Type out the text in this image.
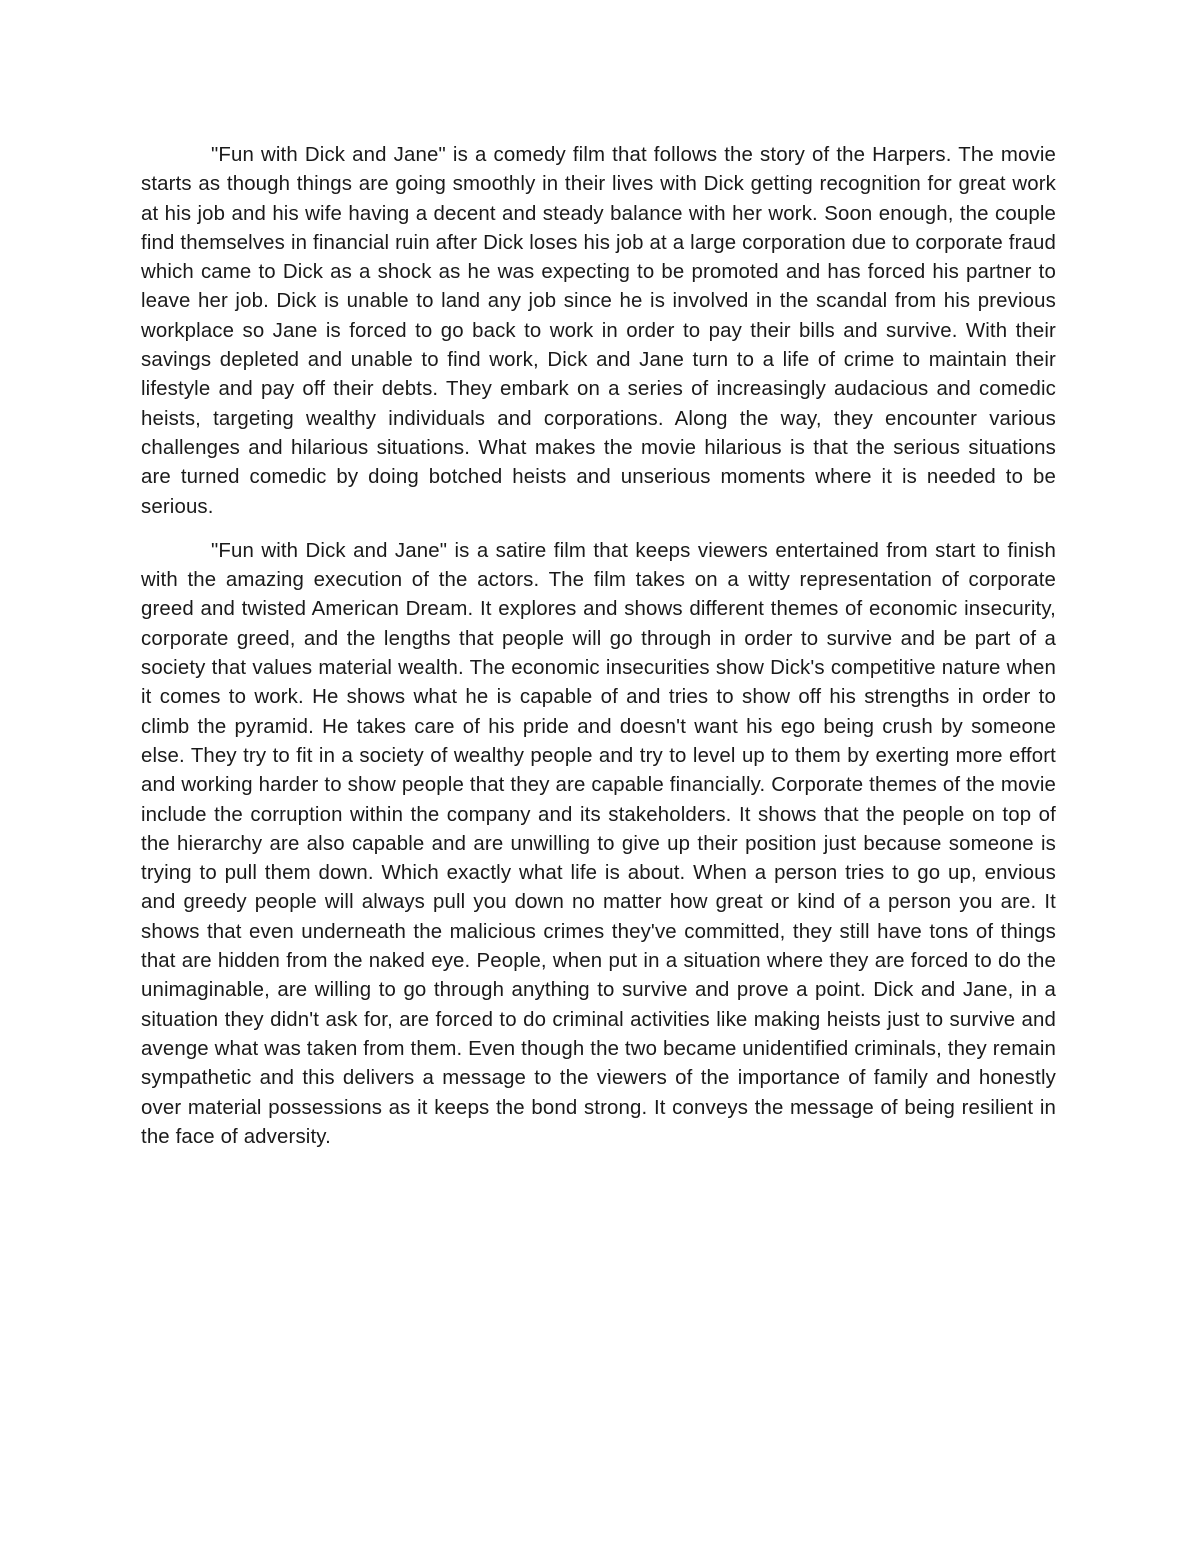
"Fun with Dick and Jane" is a comedy film that follows the story of the Harpers. The movie starts as though things are going smoothly in their lives with Dick getting recognition for great work at his job and his wife having a decent and steady balance with her work. Soon enough, the couple find themselves in financial ruin after Dick loses his job at a large corporation due to corporate fraud which came to Dick as a shock as he was expecting to be promoted and has forced his partner to leave her job. Dick is unable to land any job since he is involved in the scandal from his previous workplace so Jane is forced to go back to work in order to pay their bills and survive. With their savings depleted and unable to find work, Dick and Jane turn to a life of crime to maintain their lifestyle and pay off their debts. They embark on a series of increasingly audacious and comedic heists, targeting wealthy individuals and corporations. Along the way, they encounter various challenges and hilarious situations. What makes the movie hilarious is that the serious situations are turned comedic by doing botched heists and unserious moments where it is needed to be serious.

"Fun with Dick and Jane" is a satire film that keeps viewers entertained from start to finish with the amazing execution of the actors. The film takes on a witty representation of corporate greed and twisted American Dream. It explores and shows different themes of economic insecurity, corporate greed, and the lengths that people will go through in order to survive and be part of a society that values material wealth. The economic insecurities show Dick's competitive nature when it comes to work. He shows what he is capable of and tries to show off his strengths in order to climb the pyramid. He takes care of his pride and doesn't want his ego being crush by someone else. They try to fit in a society of wealthy people and try to level up to them by exerting more effort and working harder to show people that they are capable financially. Corporate themes of the movie include the corruption within the company and its stakeholders. It shows that the people on top of the hierarchy are also capable and are unwilling to give up their position just because someone is trying to pull them down. Which exactly what life is about. When a person tries to go up, envious and greedy people will always pull you down no matter how great or kind of a person you are. It shows that even underneath the malicious crimes they've committed, they still have tons of things that are hidden from the naked eye. People, when put in a situation where they are forced to do the unimaginable, are willing to go through anything to survive and prove a point. Dick and Jane, in a situation they didn't ask for, are forced to do criminal activities like making heists just to survive and avenge what was taken from them. Even though the two became unidentified criminals, they remain sympathetic and this delivers a message to the viewers of the importance of family and honestly over material possessions as it keeps the bond strong. It conveys the message of being resilient in the face of adversity.
